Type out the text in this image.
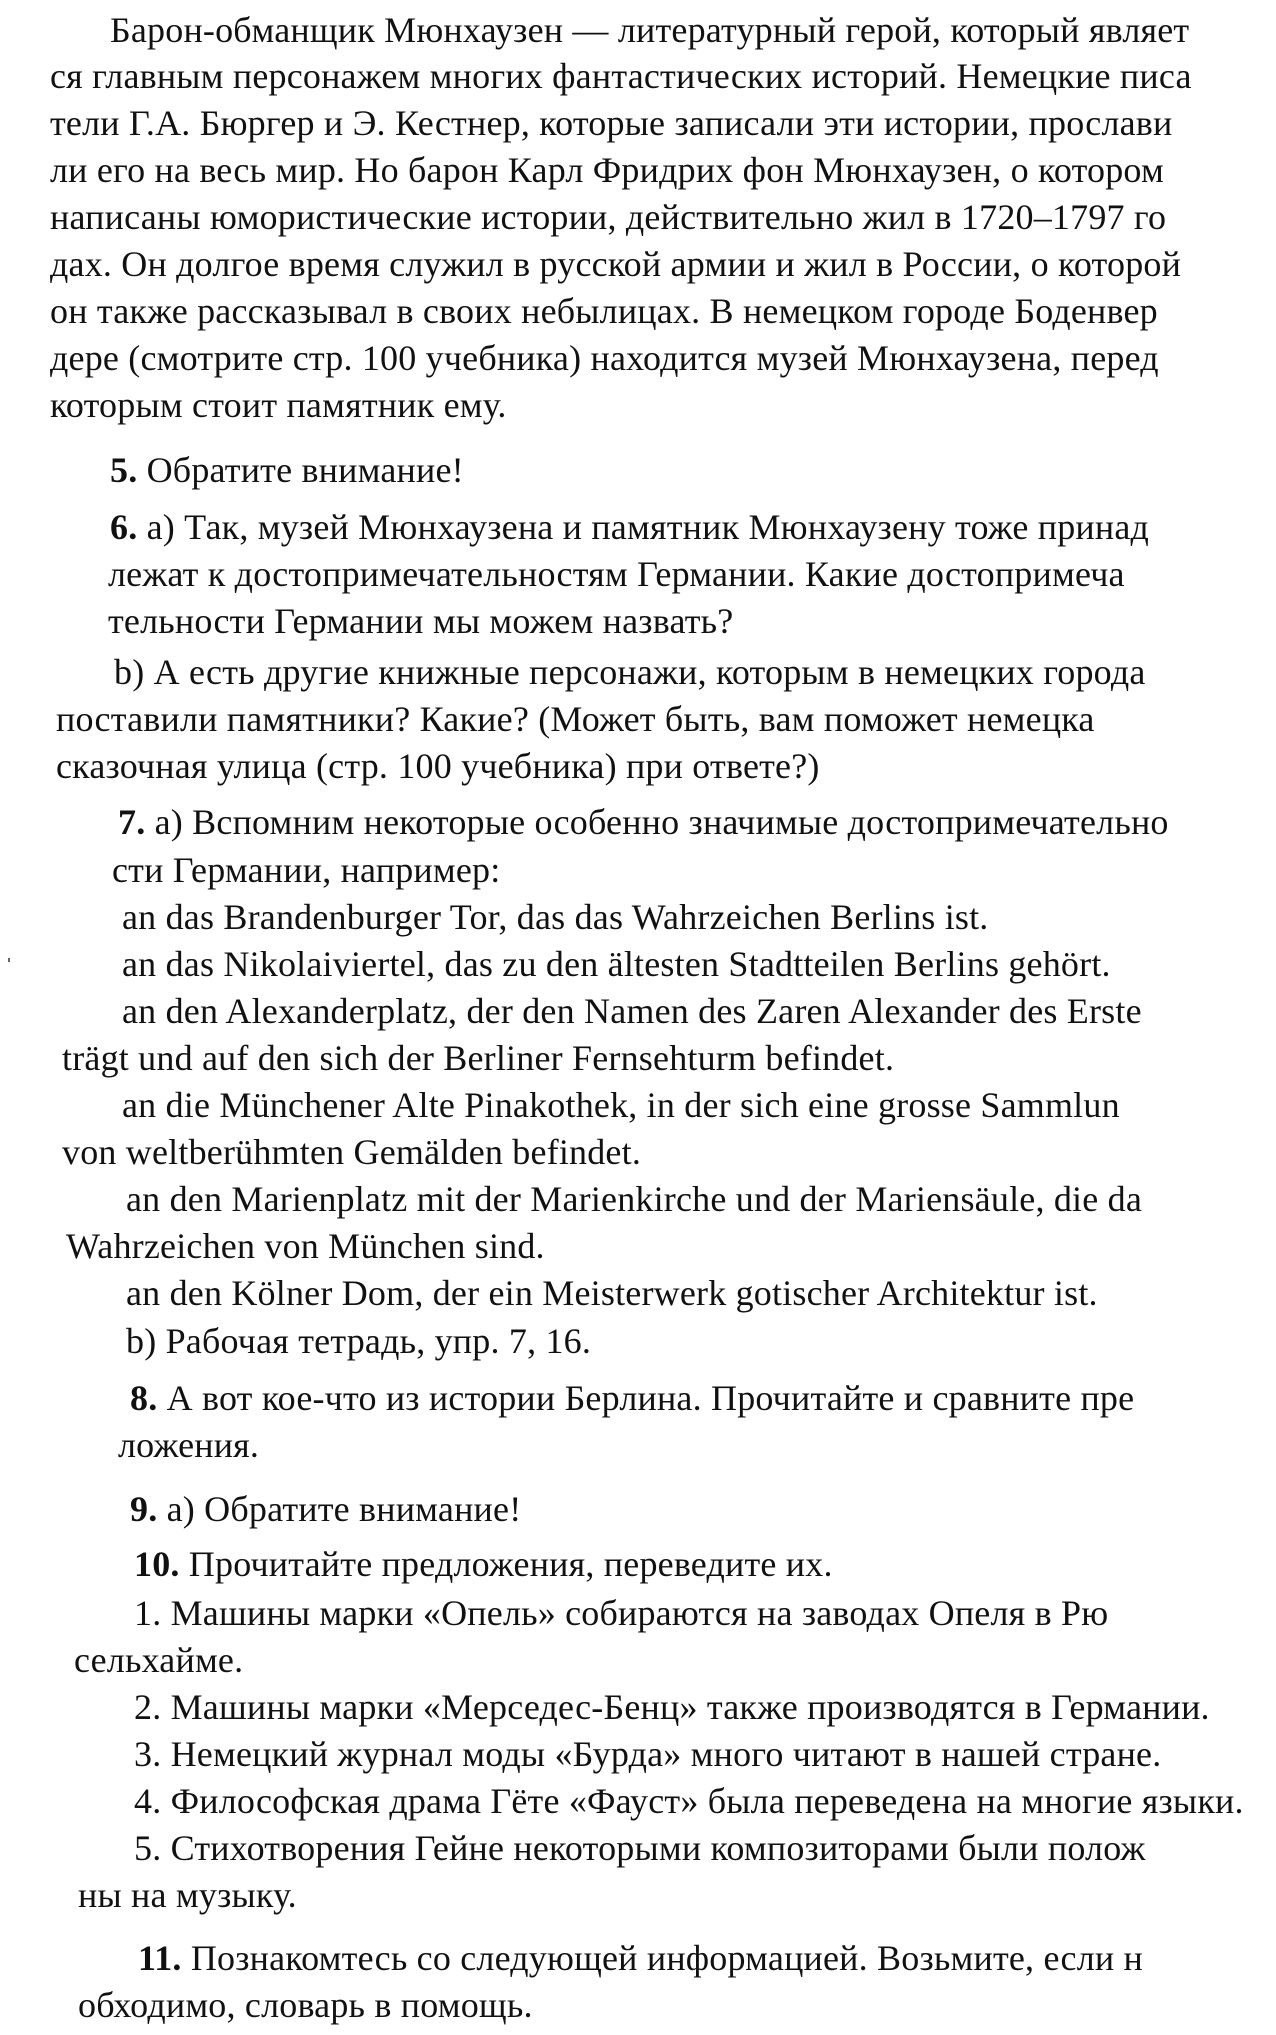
Барон-обманщик Мюнхаузен — литературный герой, который являет
ся главным персонажем многих фантастических историй. Немецкие писа
тели Г.А. Бюргер и Э. Кестнер, которые записали эти истории, прослави
ли его на весь мир. Но барон Карл Фридрих фон Мюнхаузен, о котором
написаны юмористические истории, действительно жил в 1720–1797 го
дах. Он долгое время служил в русской армии и жил в России, о которой
он также рассказывал в своих небылицах. В немецком городе Боденвер
дере (смотрите стр. 100 учебника) находится музей Мюнхаузена, перед
которым стоит памятник ему.
5. Обратите внимание!
6. а) Так, музей Мюнхаузена и памятник Мюнхаузену тоже принад
лежат к достопримечательностям Германии. Какие достопримеча
тельности Германии мы можем назвать?
b) А есть другие книжные персонажи, которым в немецких города
поставили памятники? Какие? (Может быть, вам поможет немецка
сказочная улица (стр. 100 учебника) при ответе?)
7. а) Вспомним некоторые особенно значимые достопримечательно
сти Германии, например:
an das Brandenburger Tor, das das Wahrzeichen Berlins ist.
an das Nikolaiviertel, das zu den ältesten Stadtteilen Berlins gehört.
an den Alexanderplatz, der den Namen des Zaren Alexander des Erste
trägt und auf den sich der Berliner Fernsehturm befindet.
an die Münchener Alte Pinakothek, in der sich eine grosse Sammlun
von weltberühmten Gemälden befindet.
an den Marienplatz mit der Marienkirche und der Mariensäule, die da
Wahrzeichen von München sind.
an den Kölner Dom, der ein Meisterwerk gotischer Architektur ist.
b) Рабочая тетрадь, упр. 7, 16.
8. А вот кое-что из истории Берлина. Прочитайте и сравните пре
ложения.
9. а) Обратите внимание!
10. Прочитайте предложения, переведите их.
1. Машины марки «Опель» собираются на заводах Опеля в Рю
сельхайме.
2. Машины марки «Мерседес-Бенц» также производятся в Германии.
3. Немецкий журнал моды «Бурда» много читают в нашей стране.
4. Философская драма Гёте «Фауст» была переведена на многие языки.
5. Стихотворения Гейне некоторыми композиторами были полож
ны на музыку.
11. Познакомтесь со следующей информацией. Возьмите, если н
обходимо, словарь в помощь.
